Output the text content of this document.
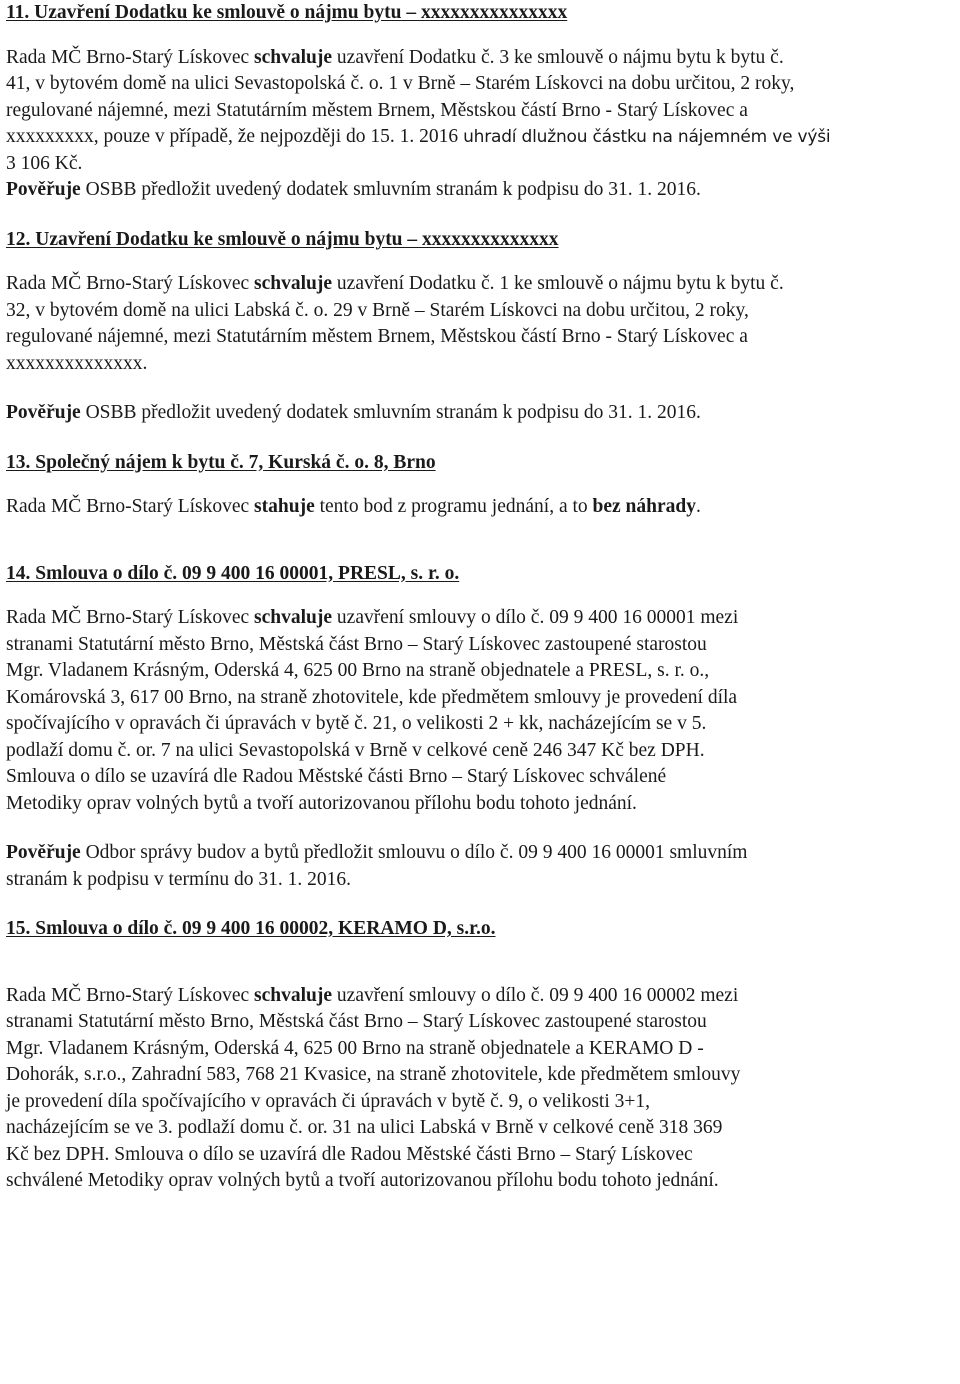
11. Uzavření Dodatku ke smlouvě o nájmu bytu – xxxxxxxxxxxxxxx
Rada MČ Brno-Starý Lískovec schvaluje uzavření Dodatku č. 3 ke smlouvě o nájmu bytu k bytu č.
41, v bytovém domě na ulici Sevastopolská č. o. 1 v Brně – Starém Lískovci na dobu určitou, 2 roky,
regulované nájemné, mezi Statutárním městem Brnem, Městskou částí Brno - Starý Lískovec a
xxxxxxxxx, pouze v případě, že nejpozději do 15. 1. 2016 uhradí dlužnou částku na nájemném ve výši
3 106 Kč.
Pověřuje OSBB předložit uvedený dodatek smluvním stranám k podpisu do 31. 1. 2016.
12. Uzavření Dodatku ke smlouvě o nájmu bytu – xxxxxxxxxxxxxx
Rada MČ Brno-Starý Lískovec schvaluje uzavření Dodatku č. 1 ke smlouvě o nájmu bytu k bytu č.
32, v bytovém domě na ulici Labská č. o. 29 v Brně – Starém Lískovci na dobu určitou, 2 roky,
regulované nájemné, mezi Statutárním městem Brnem, Městskou částí Brno - Starý Lískovec a
xxxxxxxxxxxxxx.
Pověřuje OSBB předložit uvedený dodatek smluvním stranám k podpisu do 31. 1. 2016.
13. Společný nájem k bytu č. 7, Kurská č. o. 8, Brno
Rada MČ Brno-Starý Lískovec stahuje tento bod z programu jednání, a to bez náhrady.
14. Smlouva o dílo č. 09 9 400 16 00001, PRESL, s. r. o.
Rada MČ Brno-Starý Lískovec schvaluje uzavření smlouvy o dílo č. 09 9 400 16 00001 mezi
stranami Statutární město Brno, Městská část Brno – Starý Lískovec zastoupené starostou
Mgr. Vladanem Krásným, Oderská 4, 625 00 Brno na straně objednatele a PRESL, s. r. o.,
Komárovská 3, 617 00 Brno, na straně zhotovitele, kde předmětem smlouvy je provedení díla
spočívajícího v opravách či úpravách v bytě č. 21, o velikosti 2 + kk, nacházejícím se v 5.
podlaží domu č. or. 7 na ulici Sevastopolská v Brně v celkové ceně 246 347 Kč bez DPH.
Smlouva o dílo se uzavírá dle Radou Městské části Brno – Starý Lískovec schválené
Metodiky oprav volných bytů a tvoří autorizovanou přílohu bodu tohoto jednání.
Pověřuje Odbor správy budov a bytů předložit smlouvu o dílo č. 09 9 400 16 00001 smluvním
stranám k podpisu v termínu do 31. 1. 2016.
15. Smlouva o dílo č. 09 9 400 16 00002, KERAMO D, s.r.o.
Rada MČ Brno-Starý Lískovec schvaluje uzavření smlouvy o dílo č. 09 9 400 16 00002 mezi
stranami Statutární město Brno, Městská část Brno – Starý Lískovec zastoupené starostou
Mgr. Vladanem Krásným, Oderská 4, 625 00 Brno na straně objednatele a KERAMO D -
Dohorák, s.r.o., Zahradní 583, 768 21 Kvasice, na straně zhotovitele, kde předmětem smlouvy
je provedení díla spočívajícího v opravách či úpravách v bytě č. 9, o velikosti 3+1,
nacházejícím se ve 3. podlaží domu č. or. 31 na ulici Labská v Brně v celkové ceně 318 369
Kč bez DPH. Smlouva o dílo se uzavírá dle Radou Městské části Brno – Starý Lískovec
schválené Metodiky oprav volných bytů a tvoří autorizovanou přílohu bodu tohoto jednání.
